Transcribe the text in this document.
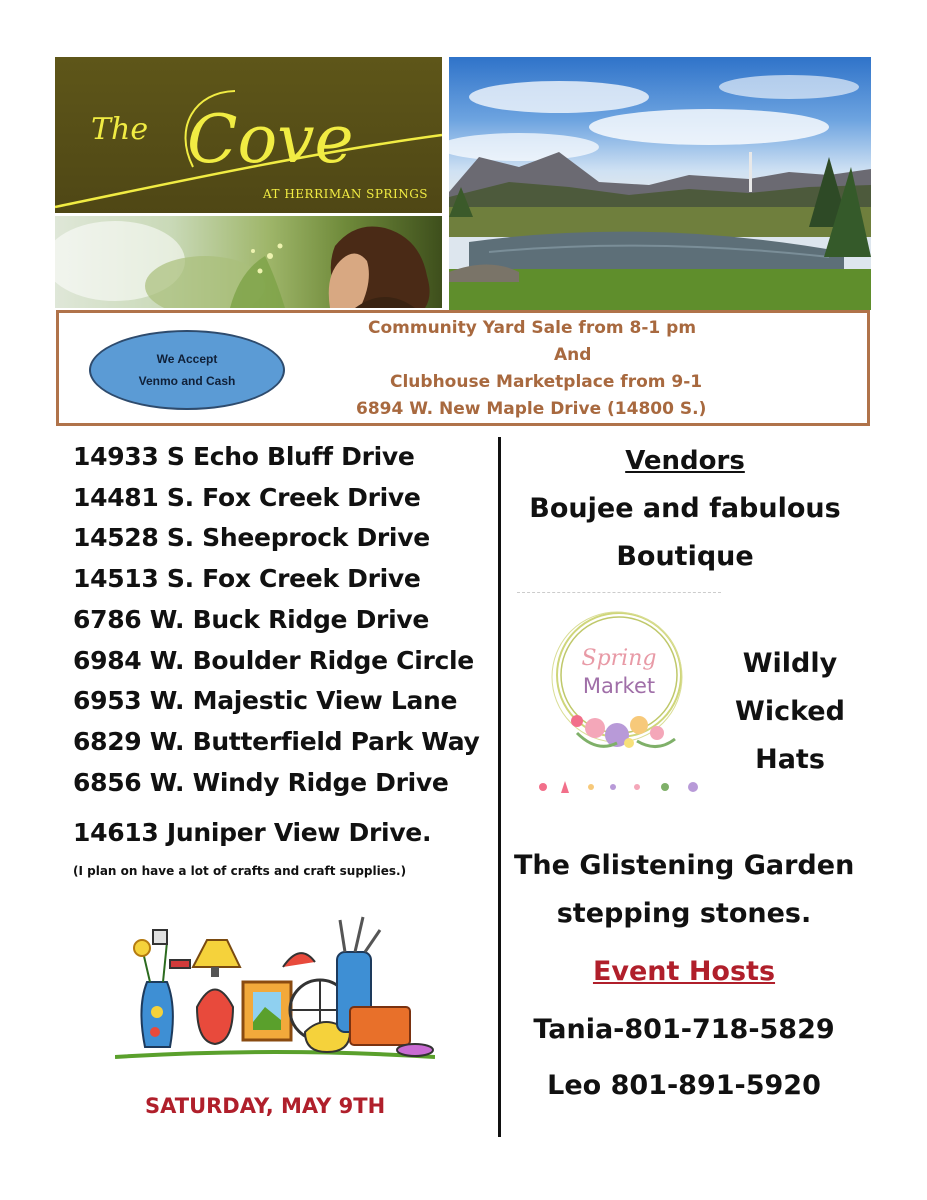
The Cove
AT HERRIMAN SPRINGS
We Accept
Venmo and Cash
Community Yard Sale from 8-1 pm
And
Clubhouse Marketplace from 9-1
6894 W. New Maple Drive (14800 S.)
14933 S Echo Bluff Drive
14481 S. Fox Creek Drive
14528 S. Sheeprock Drive
14513 S. Fox Creek Drive
6786 W. Buck Ridge Drive
6984 W. Boulder Ridge Circle
6953 W. Majestic View Lane
6829 W. Butterfield Park Way
6856 W. Windy Ridge Drive
14613 Juniper View Drive.
(I plan on have a lot of crafts and craft supplies.)
SATURDAY, MAY 9TH
Vendors
Boujee and fabulous
Boutique
Spring
Market
Wildly
Wicked
Hats
The Glistening Garden
stepping stones.
Event Hosts
Tania-801-718-5829
Leo 801-891-5920
